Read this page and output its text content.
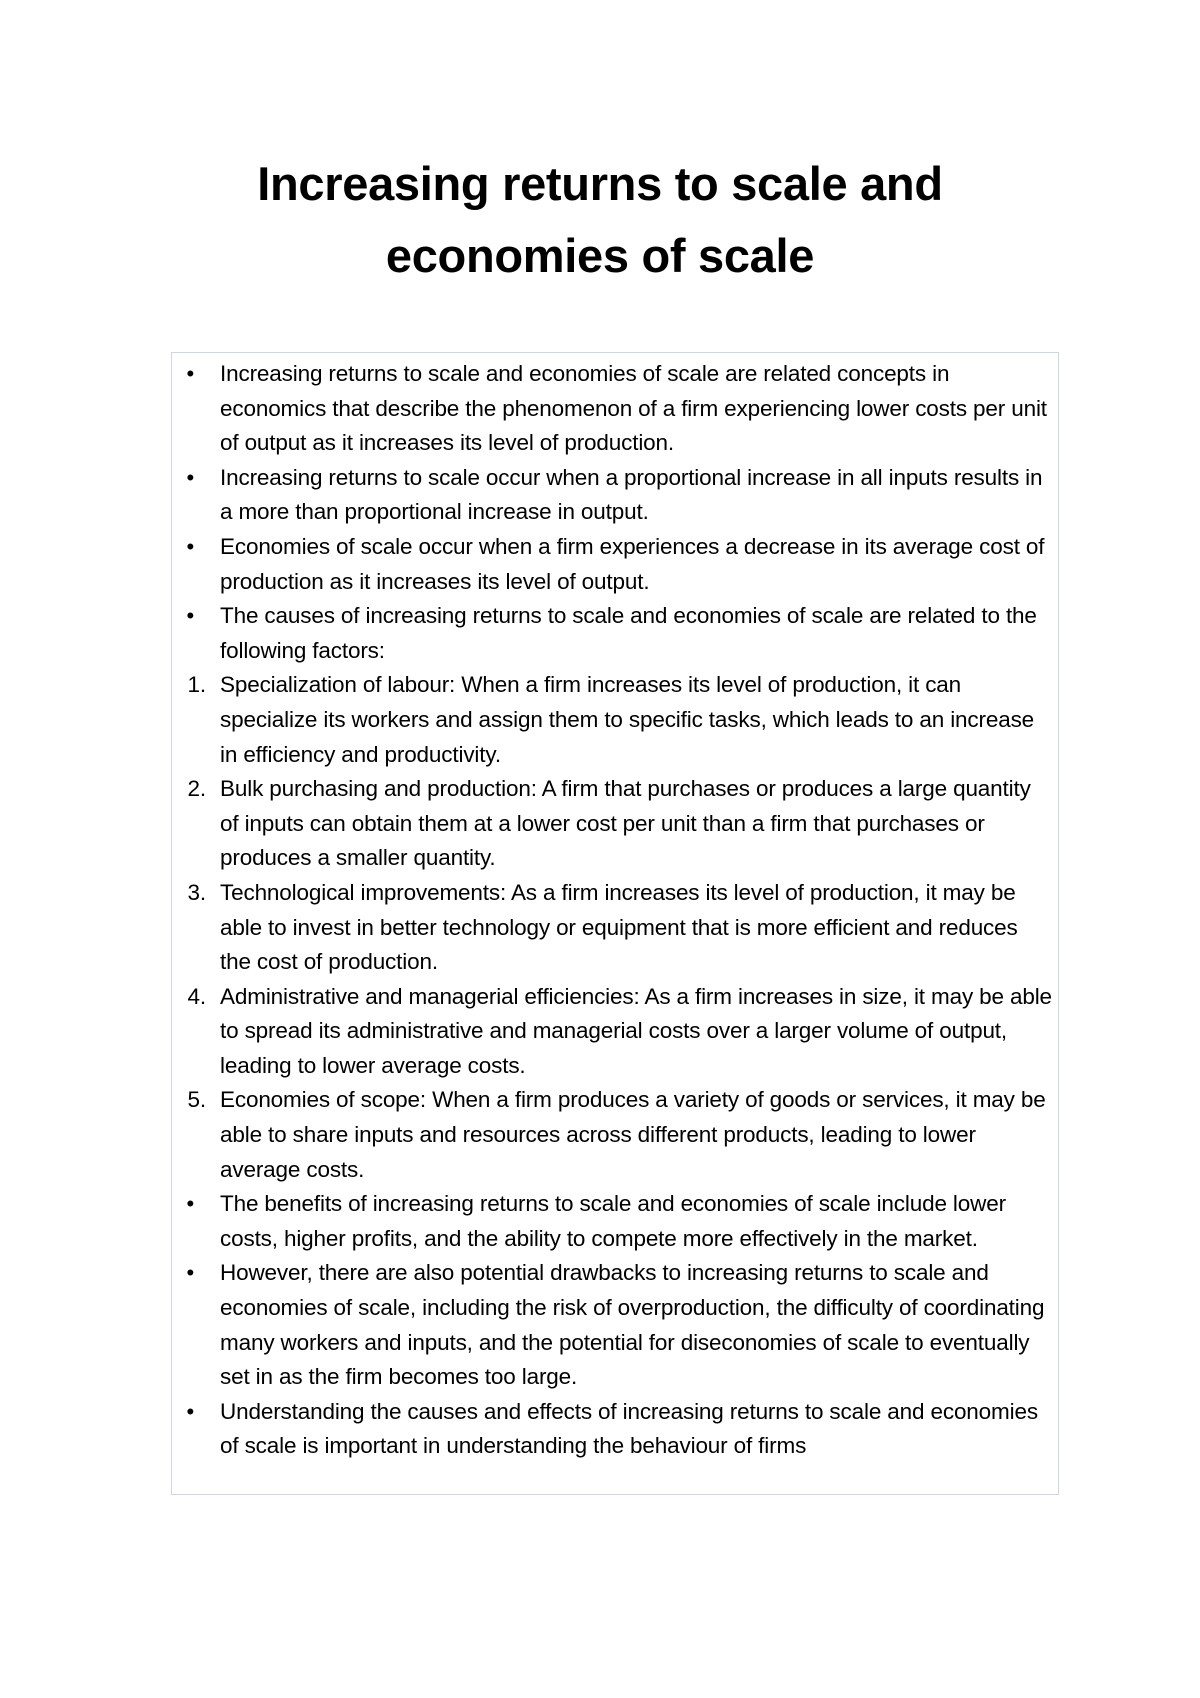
Increasing returns to scale and
economies of scale
• Increasing returns to scale and economies of scale are related concepts in economics that describe the phenomenon of a firm experiencing lower costs per unit of output as it increases its level of production.
• Increasing returns to scale occur when a proportional increase in all inputs results in a more than proportional increase in output.
• Economies of scale occur when a firm experiences a decrease in its average cost of production as it increases its level of output.
• The causes of increasing returns to scale and economies of scale are related to the following factors:
1. Specialization of labour: When a firm increases its level of production, it can specialize its workers and assign them to specific tasks, which leads to an increase in efficiency and productivity.
2. Bulk purchasing and production: A firm that purchases or produces a large quantity of inputs can obtain them at a lower cost per unit than a firm that purchases or produces a smaller quantity.
3. Technological improvements: As a firm increases its level of production, it may be able to invest in better technology or equipment that is more efficient and reduces the cost of production.
4. Administrative and managerial efficiencies: As a firm increases in size, it may be able to spread its administrative and managerial costs over a larger volume of output, leading to lower average costs.
5. Economies of scope: When a firm produces a variety of goods or services, it may be able to share inputs and resources across different products, leading to lower average costs.
• The benefits of increasing returns to scale and economies of scale include lower costs, higher profits, and the ability to compete more effectively in the market.
• However, there are also potential drawbacks to increasing returns to scale and economies of scale, including the risk of overproduction, the difficulty of coordinating many workers and inputs, and the potential for diseconomies of scale to eventually set in as the firm becomes too large.
• Understanding the causes and effects of increasing returns to scale and economies of scale is important in understanding the behaviour of firms
